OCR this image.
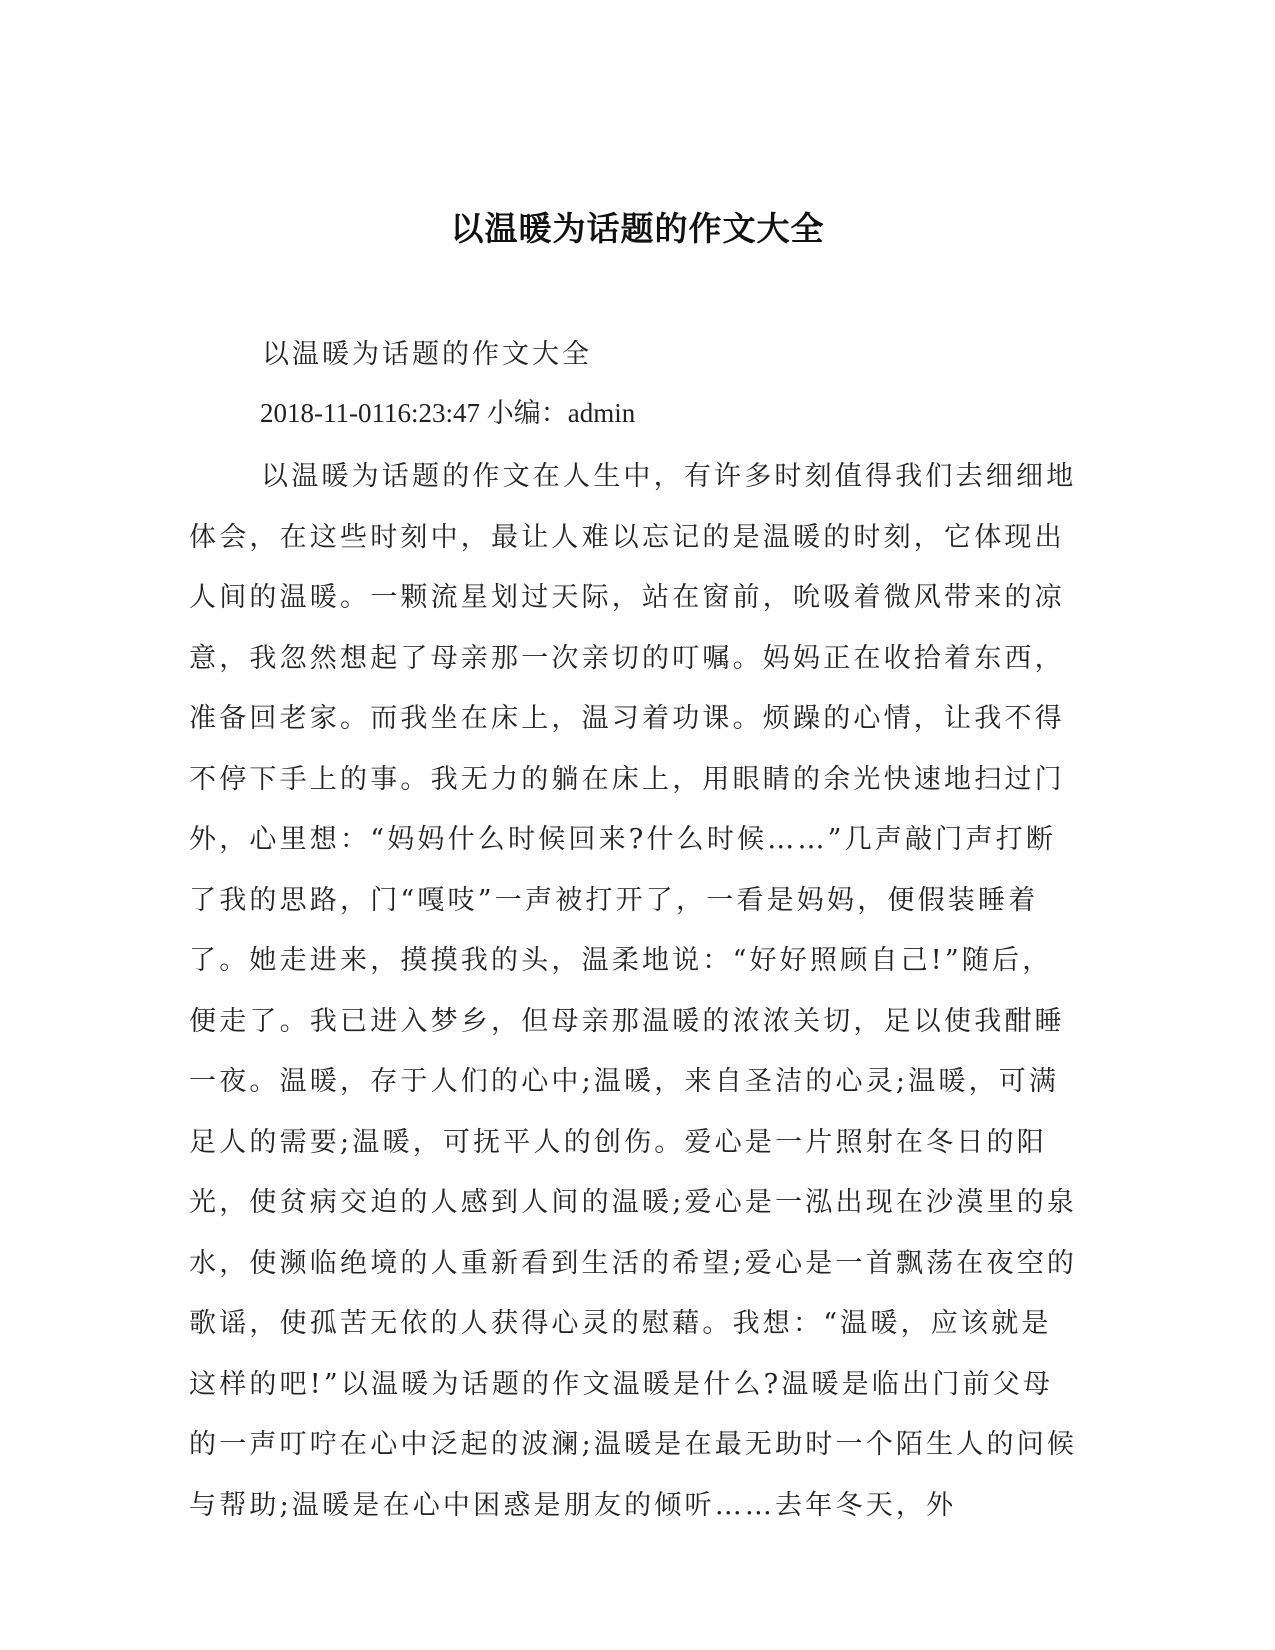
以温暖为话题的作文大全
以温暖为话题的作文大全
2018-11-0116:23:47 小编：admin
以温暖为话题的作文在人生中，有许多时刻值得我们去细细地体会，在这些时刻中，最让人难以忘记的是温暖的时刻，它体现出人间的温暖。一颗流星划过天际，站在窗前，吮吸着微风带来的凉意，我忽然想起了母亲那一次亲切的叮嘱。妈妈正在收拾着东西，准备回老家。而我坐在床上，温习着功课。烦躁的心情，让我不得不停下手上的事。我无力的躺在床上，用眼睛的余光快速地扫过门外，心里想：“妈妈什么时候回来?什么时候……”几声敲门声打断了我的思路，门“嘎吱”一声被打开了，一看是妈妈，便假装睡着了。她走进来，摸摸我的头，温柔地说：“好好照顾自己!”随后，便走了。我已进入梦乡，但母亲那温暖的浓浓关切，足以使我酣睡一夜。温暖，存于人们的心中;温暖，来自圣洁的心灵;温暖，可满足人的需要;温暖，可抚平人的创伤。爱心是一片照射在冬日的阳光，使贫病交迫的人感到人间的温暖;爱心是一泓出现在沙漠里的泉水，使濒临绝境的人重新看到生活的希望;爱心是一首飘荡在夜空的歌谣，使孤苦无依的人获得心灵的慰藉。我想：“温暖，应该就是这样的吧!”以温暖为话题的作文温暖是什么?温暖是临出门前父母的一声叮咛在心中泛起的波澜;温暖是在最无助时一个陌生人的问候与帮助;温暖是在心中困惑是朋友的倾听……去年冬天，外
